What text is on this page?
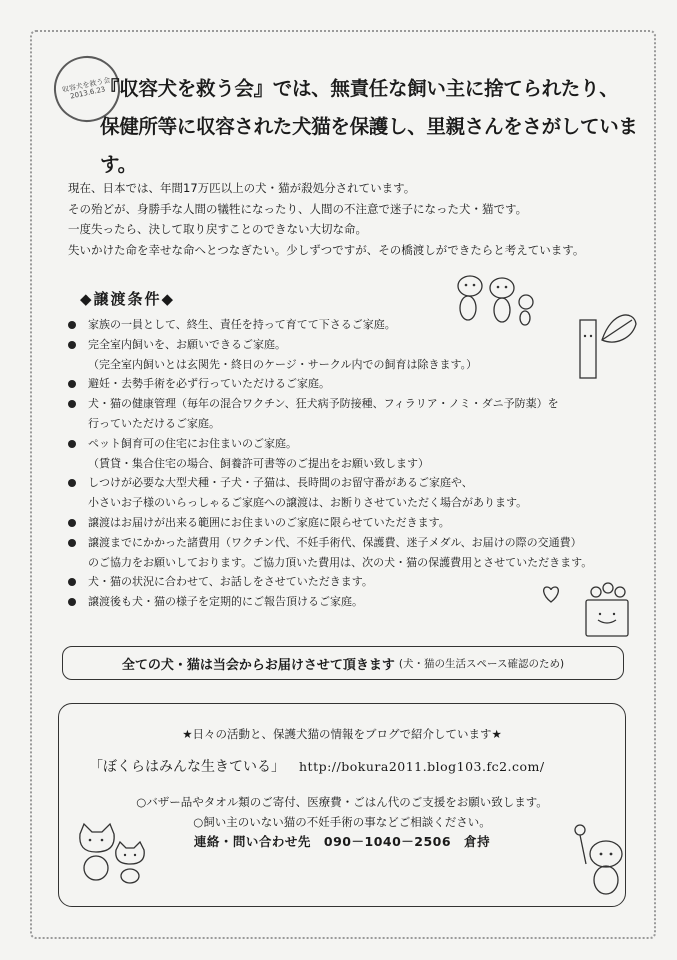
収容犬を救う会 2013.6.23
『収容犬を救う会』では、無責任な飼い主に捨てられたり、
保健所等に収容された犬猫を保護し、里親さんをさがしています。
現在、日本では、年間17万匹以上の犬・猫が殺処分されています。
その殆どが、身勝手な人間の犠牲になったり、人間の不注意で迷子になった犬・猫です。
一度失ったら、決して取り戻すことのできない大切な命。
失いかけた命を幸せな命へとつなぎたい。少しずつですが、その橋渡しができたらと考えています。
◆譲渡条件◆
家族の一員として、終生、責任を持って育てて下さるご家庭。
完全室内飼いを、お願いできるご家庭。
（完全室内飼いとは玄関先・終日のケージ・サークル内での飼育は除きます。）
避妊・去勢手術を必ず行っていただけるご家庭。
犬・猫の健康管理（毎年の混合ワクチン、狂犬病予防接種、フィラリア・ノミ・ダニ予防薬）を
行っていただけるご家庭。
ペット飼育可の住宅にお住まいのご家庭。
（賃貸・集合住宅の場合、飼養許可書等のご提出をお願い致します）
しつけが必要な大型犬種・子犬・子猫は、長時間のお留守番があるご家庭や、
小さいお子様のいらっしゃるご家庭への譲渡は、お断りさせていただく場合があります。
譲渡はお届けが出来る範囲にお住まいのご家庭に限らせていただきます。
譲渡までにかかった諸費用（ワクチン代、不妊手術代、保護費、迷子メダル、お届けの際の交通費）
のご協力をお願いしております。ご協力頂いた費用は、次の犬・猫の保護費用とさせていただきます。
犬・猫の状況に合わせて、お話しをさせていただきます。
譲渡後も犬・猫の様子を定期的にご報告頂けるご家庭。
全ての犬・猫は当会からお届けさせて頂きます (犬・猫の生活スペース確認のため)
★日々の活動と、保護犬猫の情報をブログで紹介しています★
「ぼくらはみんな生きている」 http://bokura2011.blog103.fc2.com/
○バザー品やタオル類のご寄付、医療費・ごはん代のご支援をお願い致します。
○飼い主のいない猫の不妊手術の事などご相談ください。
連絡・問い合わせ先　090－1040－2506　倉持
